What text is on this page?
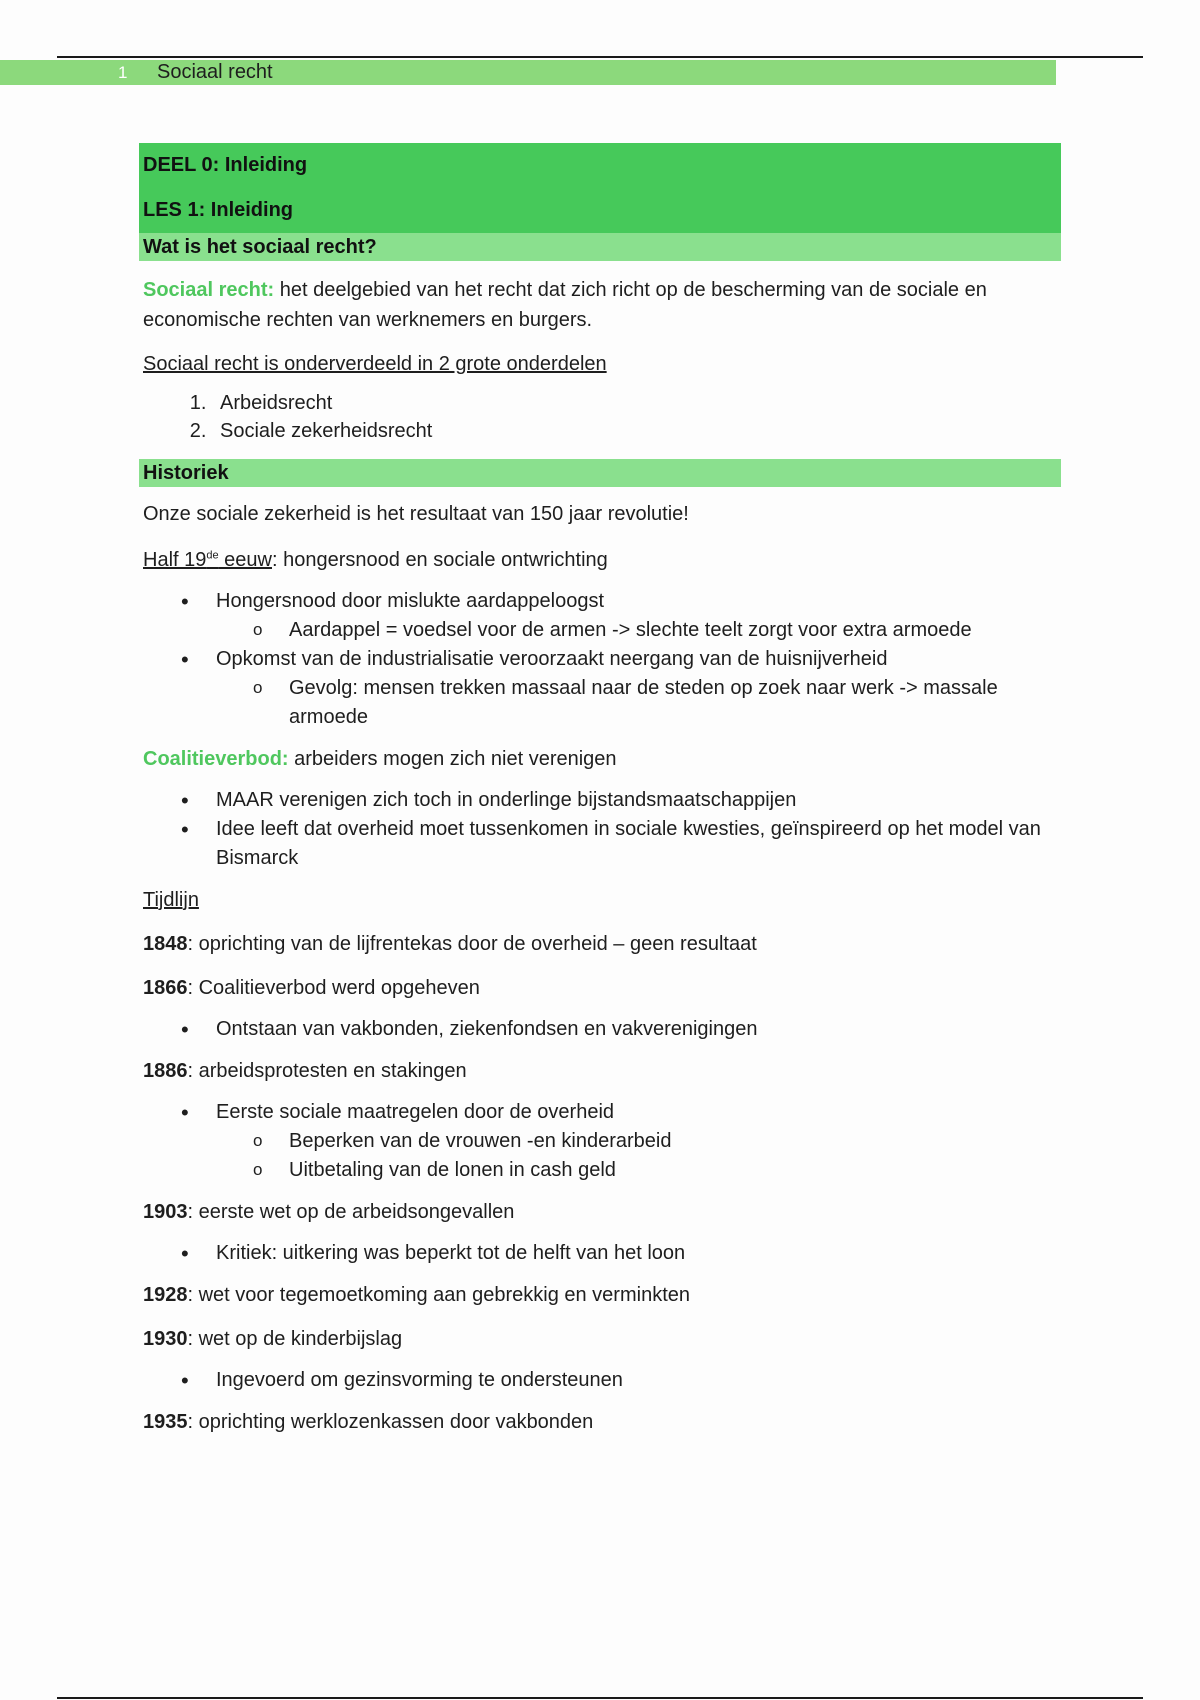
1 Sociaal recht
DEEL 0: Inleiding
LES 1: Inleiding
Wat is het sociaal recht?

Sociaal recht: het deelgebied van het recht dat zich richt op de bescherming van de sociale en economische rechten van werknemers en burgers.

Sociaal recht is onderverdeeld in 2 grote onderdelen

1. Arbeidsrecht
2. Sociale zekerheidsrecht
Historiek

Onze sociale zekerheid is het resultaat van 150 jaar revolutie!

Half 19de eeuw: hongersnood en sociale ontwrichting

• Hongersnood door mislukte aardappeloogst
o Aardappel = voedsel voor de armen -> slechte teelt zorgt voor extra armoede
• Opkomst van de industrialisatie veroorzaakt neergang van de huisnijverheid
o Gevolg: mensen trekken massaal naar de steden op zoek naar werk -> massale armoede

Coalitieverbod: arbeiders mogen zich niet verenigen

• MAAR verenigen zich toch in onderlinge bijstandsmaatschappijen
• Idee leeft dat overheid moet tussenkomen in sociale kwesties, geïnspireerd op het model van Bismarck

Tijdlijn

1848: oprichting van de lijfrentekas door de overheid – geen resultaat

1866: Coalitieverbod werd opgeheven

• Ontstaan van vakbonden, ziekenfondsen en vakverenigingen

1886: arbeidsprotesten en stakingen

• Eerste sociale maatregelen door de overheid
o Beperken van de vrouwen -en kinderarbeid
o Uitbetaling van de lonen in cash geld

1903: eerste wet op de arbeidsongevallen

• Kritiek: uitkering was beperkt tot de helft van het loon

1928: wet voor tegemoetkoming aan gebrekkig en verminkten

1930: wet op de kinderbijslag

• Ingevoerd om gezinsvorming te ondersteunen

1935: oprichting werklozenkassen door vakbonden
